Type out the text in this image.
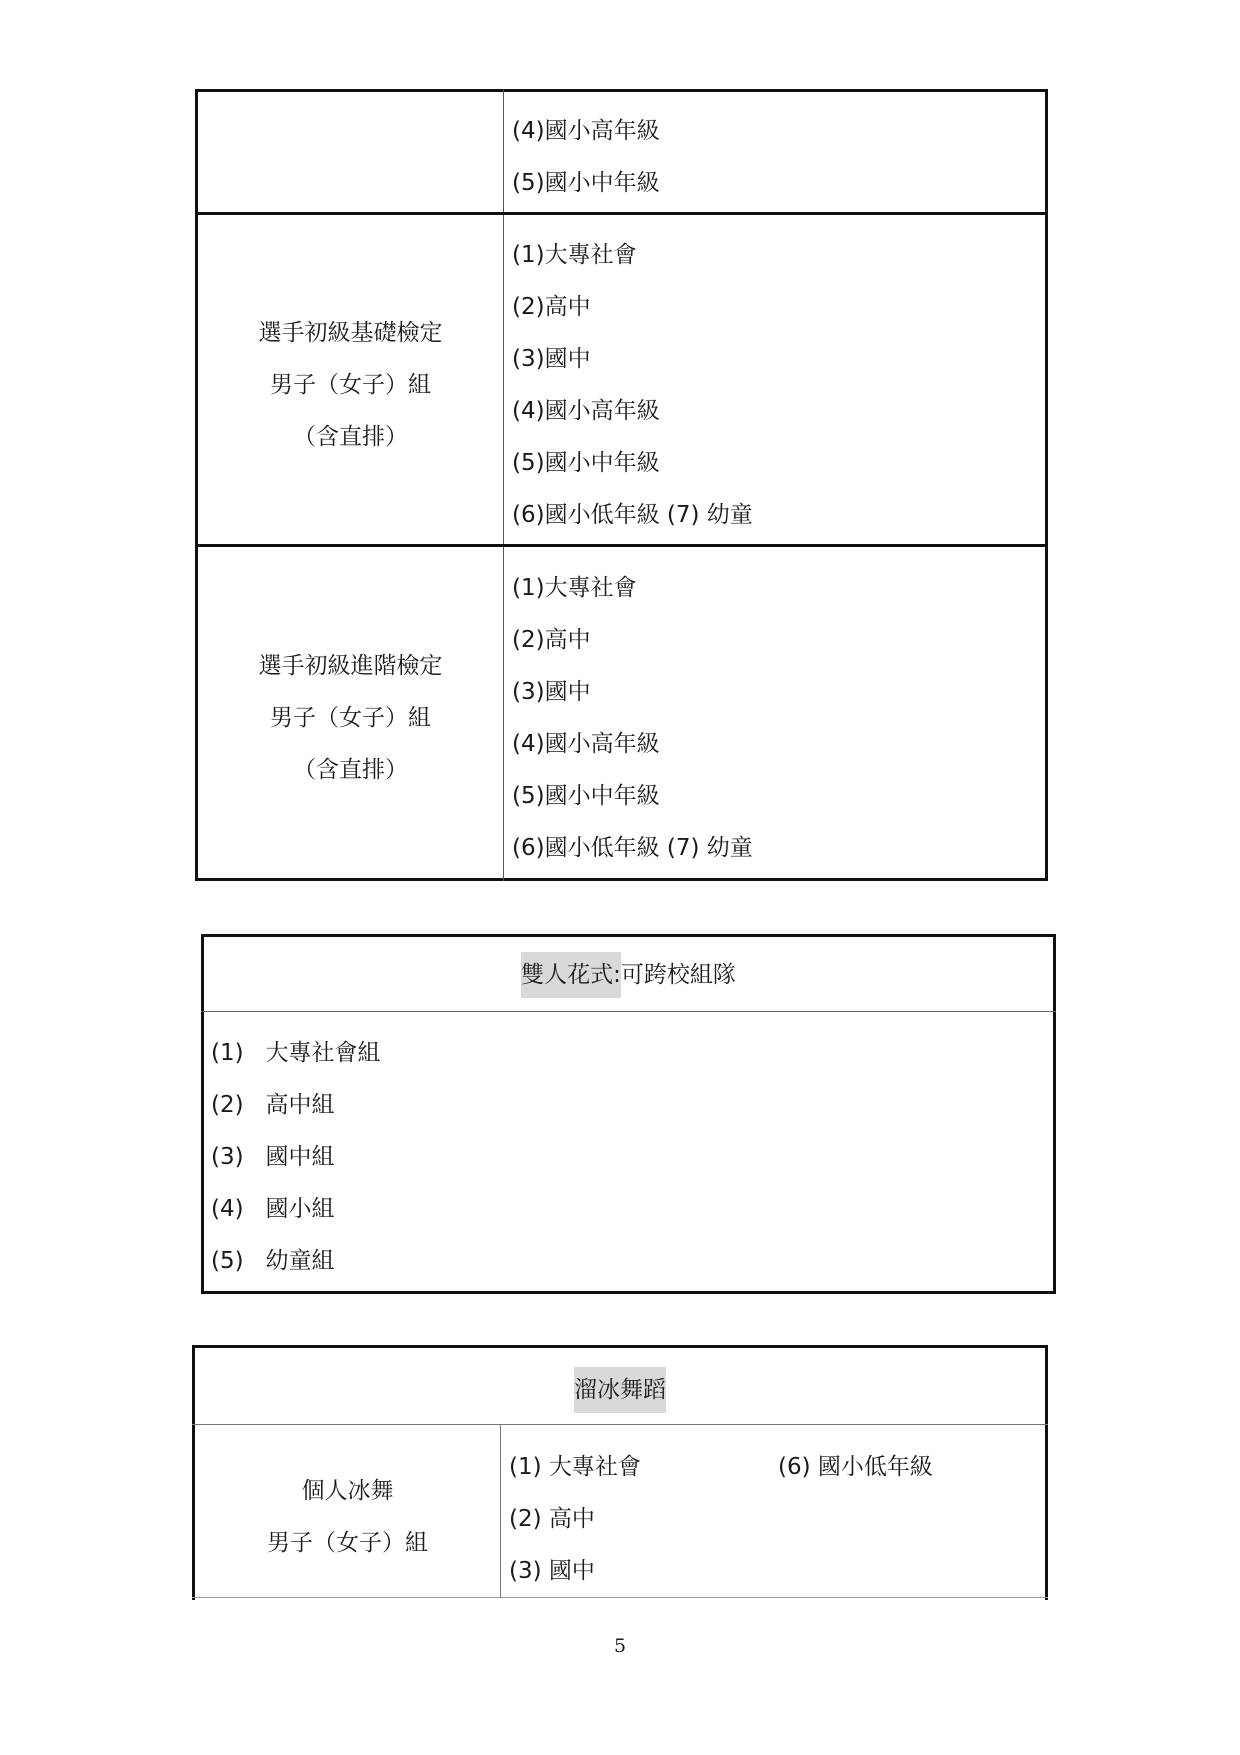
(4)國小高年級
(5)國小中年級
選手初級基礎檢定
男子（女子）組
（含直排）
(1)大專社會
(2)高中
(3)國中
(4)國小高年級
(5)國小中年級
(6)國小低年級 (7) 幼童
選手初級進階檢定
男子（女子）組
（含直排）
(1)大專社會
(2)高中
(3)國中
(4)國小高年級
(5)國小中年級
(6)國小低年級 (7) 幼童
雙人花式:可跨校組隊
(1)   大專社會組
(2)   高中組
(3)   國中組
(4)   國小組
(5)   幼童組
溜冰舞蹈
個人冰舞
男子（女子）組
(1) 大專社會
(2) 高中
(3) 國中
(6) 國小低年級
5
